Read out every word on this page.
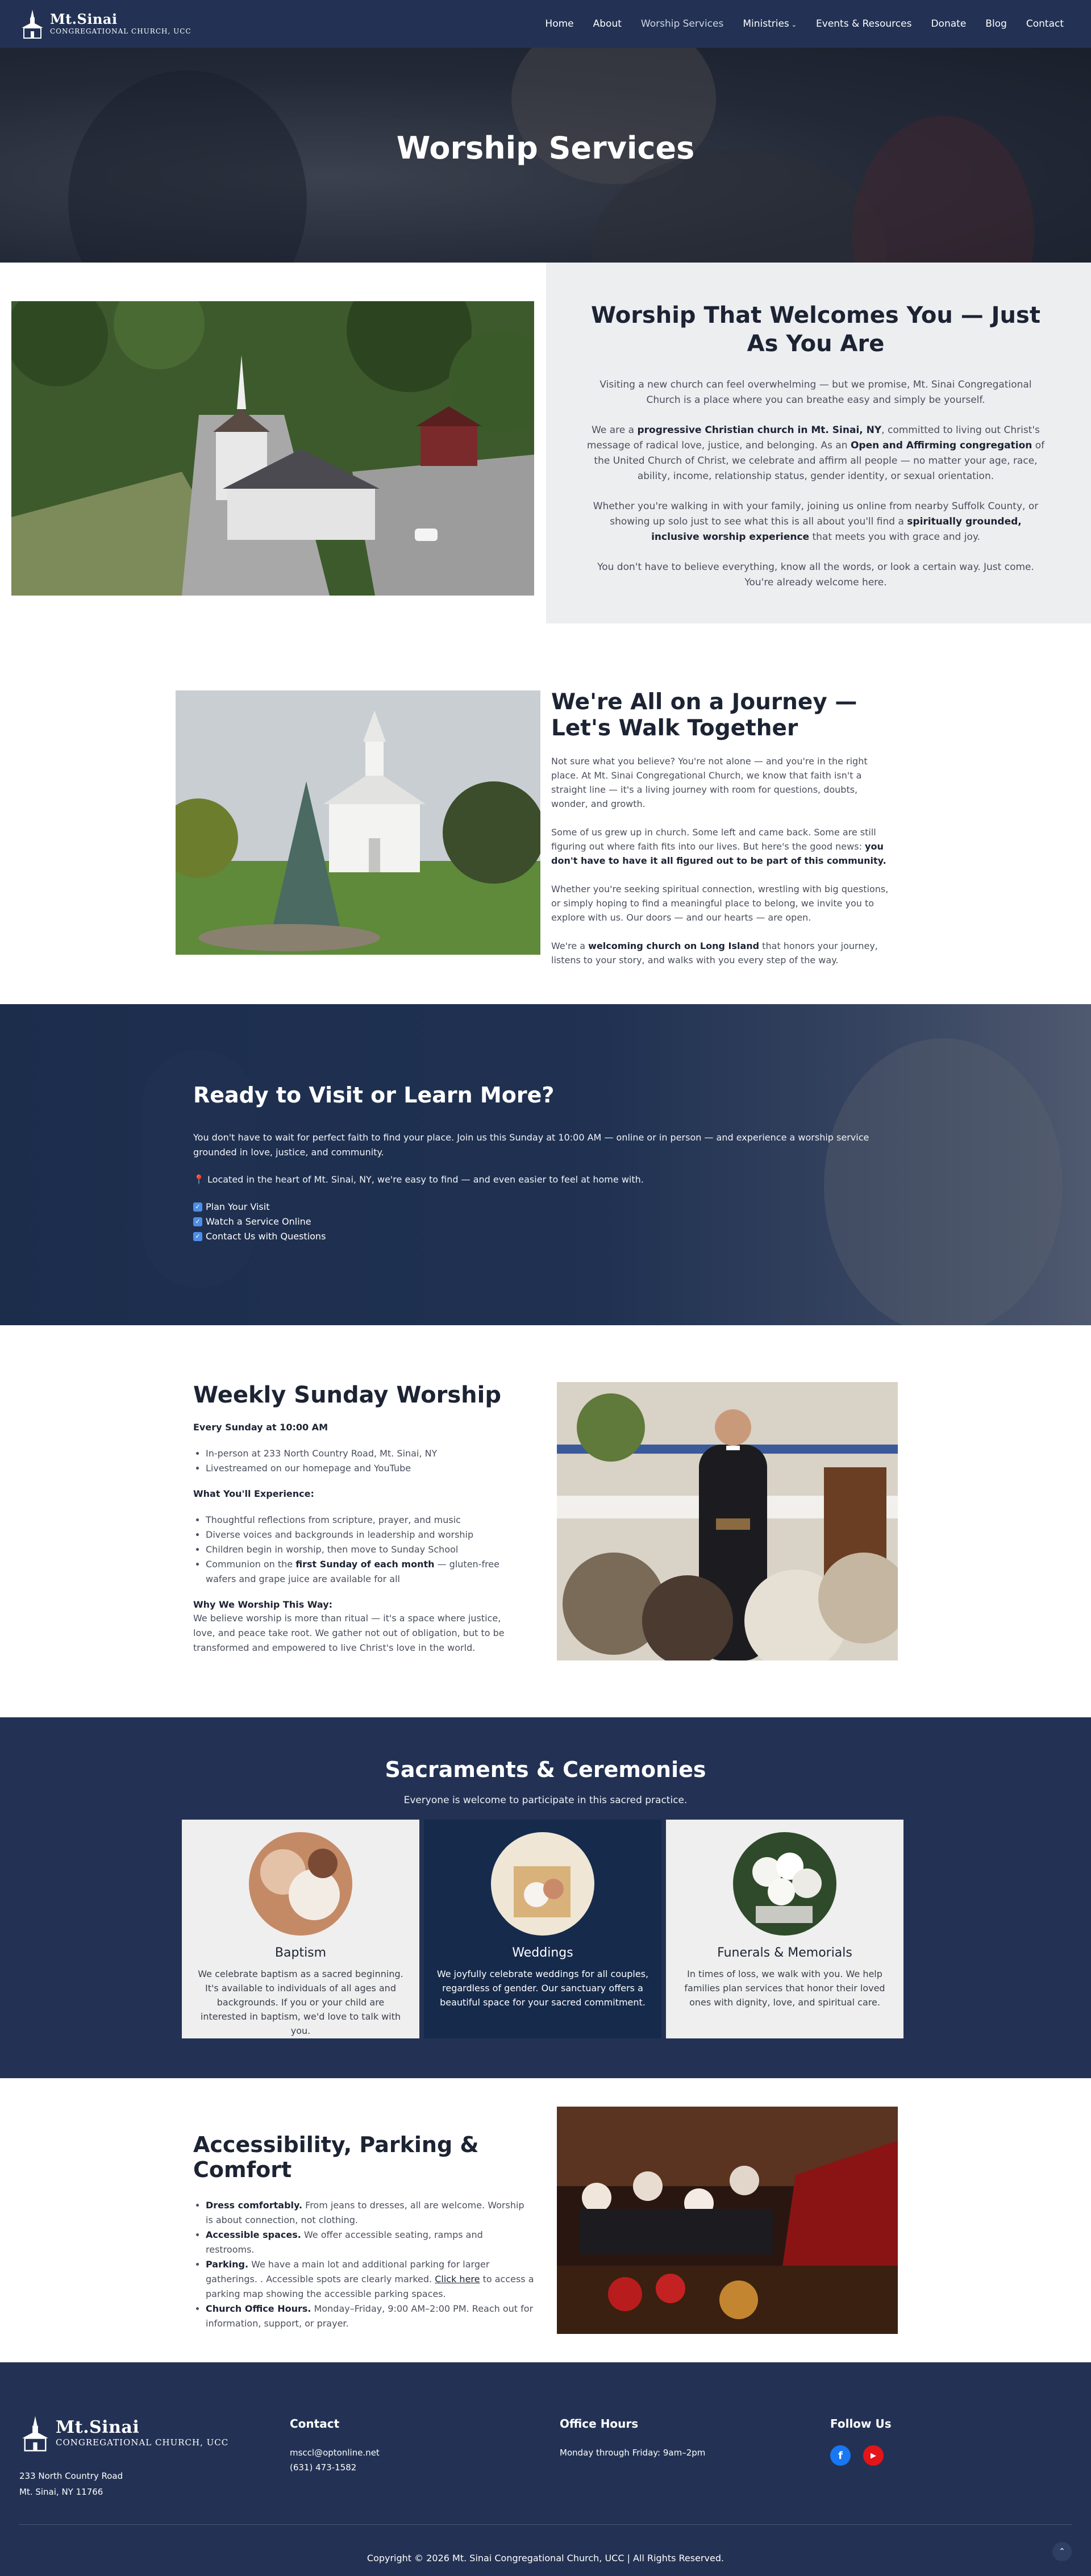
Mt.Sinai
CONGREGATIONAL CHURCH, UCC
Home About Worship Services Ministries ⌄ Events & Resources Donate Blog Contact
Worship Services
Worship That Welcomes You — Just As You Are

Visiting a new church can feel overwhelming — but we promise, Mt. Sinai Congregational Church is a place where you can breathe easy and simply be yourself.

We are a progressive Christian church in Mt. Sinai, NY, committed to living out Christ's message of radical love, justice, and belonging. As an Open and Affirming congregation of the United Church of Christ, we celebrate and affirm all people — no matter your age, race, ability, income, relationship status, gender identity, or sexual orientation.

Whether you're walking in with your family, joining us online from nearby Suffolk County, or showing up solo just to see what this is all about you'll find a spiritually grounded, inclusive worship experience that meets you with grace and joy.

You don't have to believe everything, know all the words, or look a certain way. Just come. You're already welcome here.

We're All on a Journey — Let's Walk Together

Not sure what you believe? You're not alone — and you're in the right place. At Mt. Sinai Congregational Church, we know that faith isn't a straight line — it's a living journey with room for questions, doubts, wonder, and growth.

Some of us grew up in church. Some left and came back. Some are still figuring out where faith fits into our lives. But here's the good news: you don't have to have it all figured out to be part of this community.

Whether you're seeking spiritual connection, wrestling with big questions, or simply hoping to find a meaningful place to belong, we invite you to explore with us. Our doors — and our hearts — are open.

We're a welcoming church on Long Island that honors your journey, listens to your story, and walks with you every step of the way.

Ready to Visit or Learn More?

You don't have to wait for perfect faith to find your place. Join us this Sunday at 10:00 AM — online or in person — and experience a worship service grounded in love, justice, and community.

📍 Located in the heart of Mt. Sinai, NY, we're easy to find — and even easier to feel at home with.

✓ Plan Your Visit
✓ Watch a Service Online
✓ Contact Us with Questions
Weekly Sunday Worship
Every Sunday at 10:00 AM
• In-person at 233 North Country Road, Mt. Sinai, NY
• Livestreamed on our homepage and YouTube
What You'll Experience:
• Thoughtful reflections from scripture, prayer, and music
• Diverse voices and backgrounds in leadership and worship
• Children begin in worship, then move to Sunday School
• Communion on the first Sunday of each month — gluten-free wafers and grape juice are available for all
Why We Worship This Way:

We believe worship is more than ritual — it's a space where justice, love, and peace take root. We gather not out of obligation, but to be transformed and empowered to live Christ's love in the world.

Sacraments & Ceremonies

Everyone is welcome to participate in this sacred practice.

Baptism

We celebrate baptism as a sacred beginning. It's available to individuals of all ages and backgrounds. If you or your child are interested in baptism, we'd love to talk with you.

Weddings

We joyfully celebrate weddings for all couples, regardless of gender. Our sanctuary offers a beautiful space for your sacred commitment.

Funerals & Memorials

In times of loss, we walk with you. We help families plan services that honor their loved ones with dignity, love, and spiritual care.

Accessibility, Parking & Comfort
• Dress comfortably. From jeans to dresses, all are welcome. Worship is about connection, not clothing.
• Accessible spaces. We offer accessible seating, ramps and restrooms.
• Parking. We have a main lot and additional parking for larger gatherings. . Accessible spots are clearly marked. Click here to access a parking map showing the accessible parking spaces.
• Church Office Hours. Monday–Friday, 9:00 AM–2:00 PM. Reach out for information, support, or prayer.
Mt.Sinai
CONGREGATIONAL CHURCH, UCC
233 North Country Road
Mt. Sinai, NY 11766
Contact

msccl@optonline.net

(631) 473-1582

Office Hours

Monday through Friday: 9am–2pm

Follow Us
f	▶
⌃
Copyright © 2026 Mt. Sinai Congregational Church, UCC | All Rights Reserved.
